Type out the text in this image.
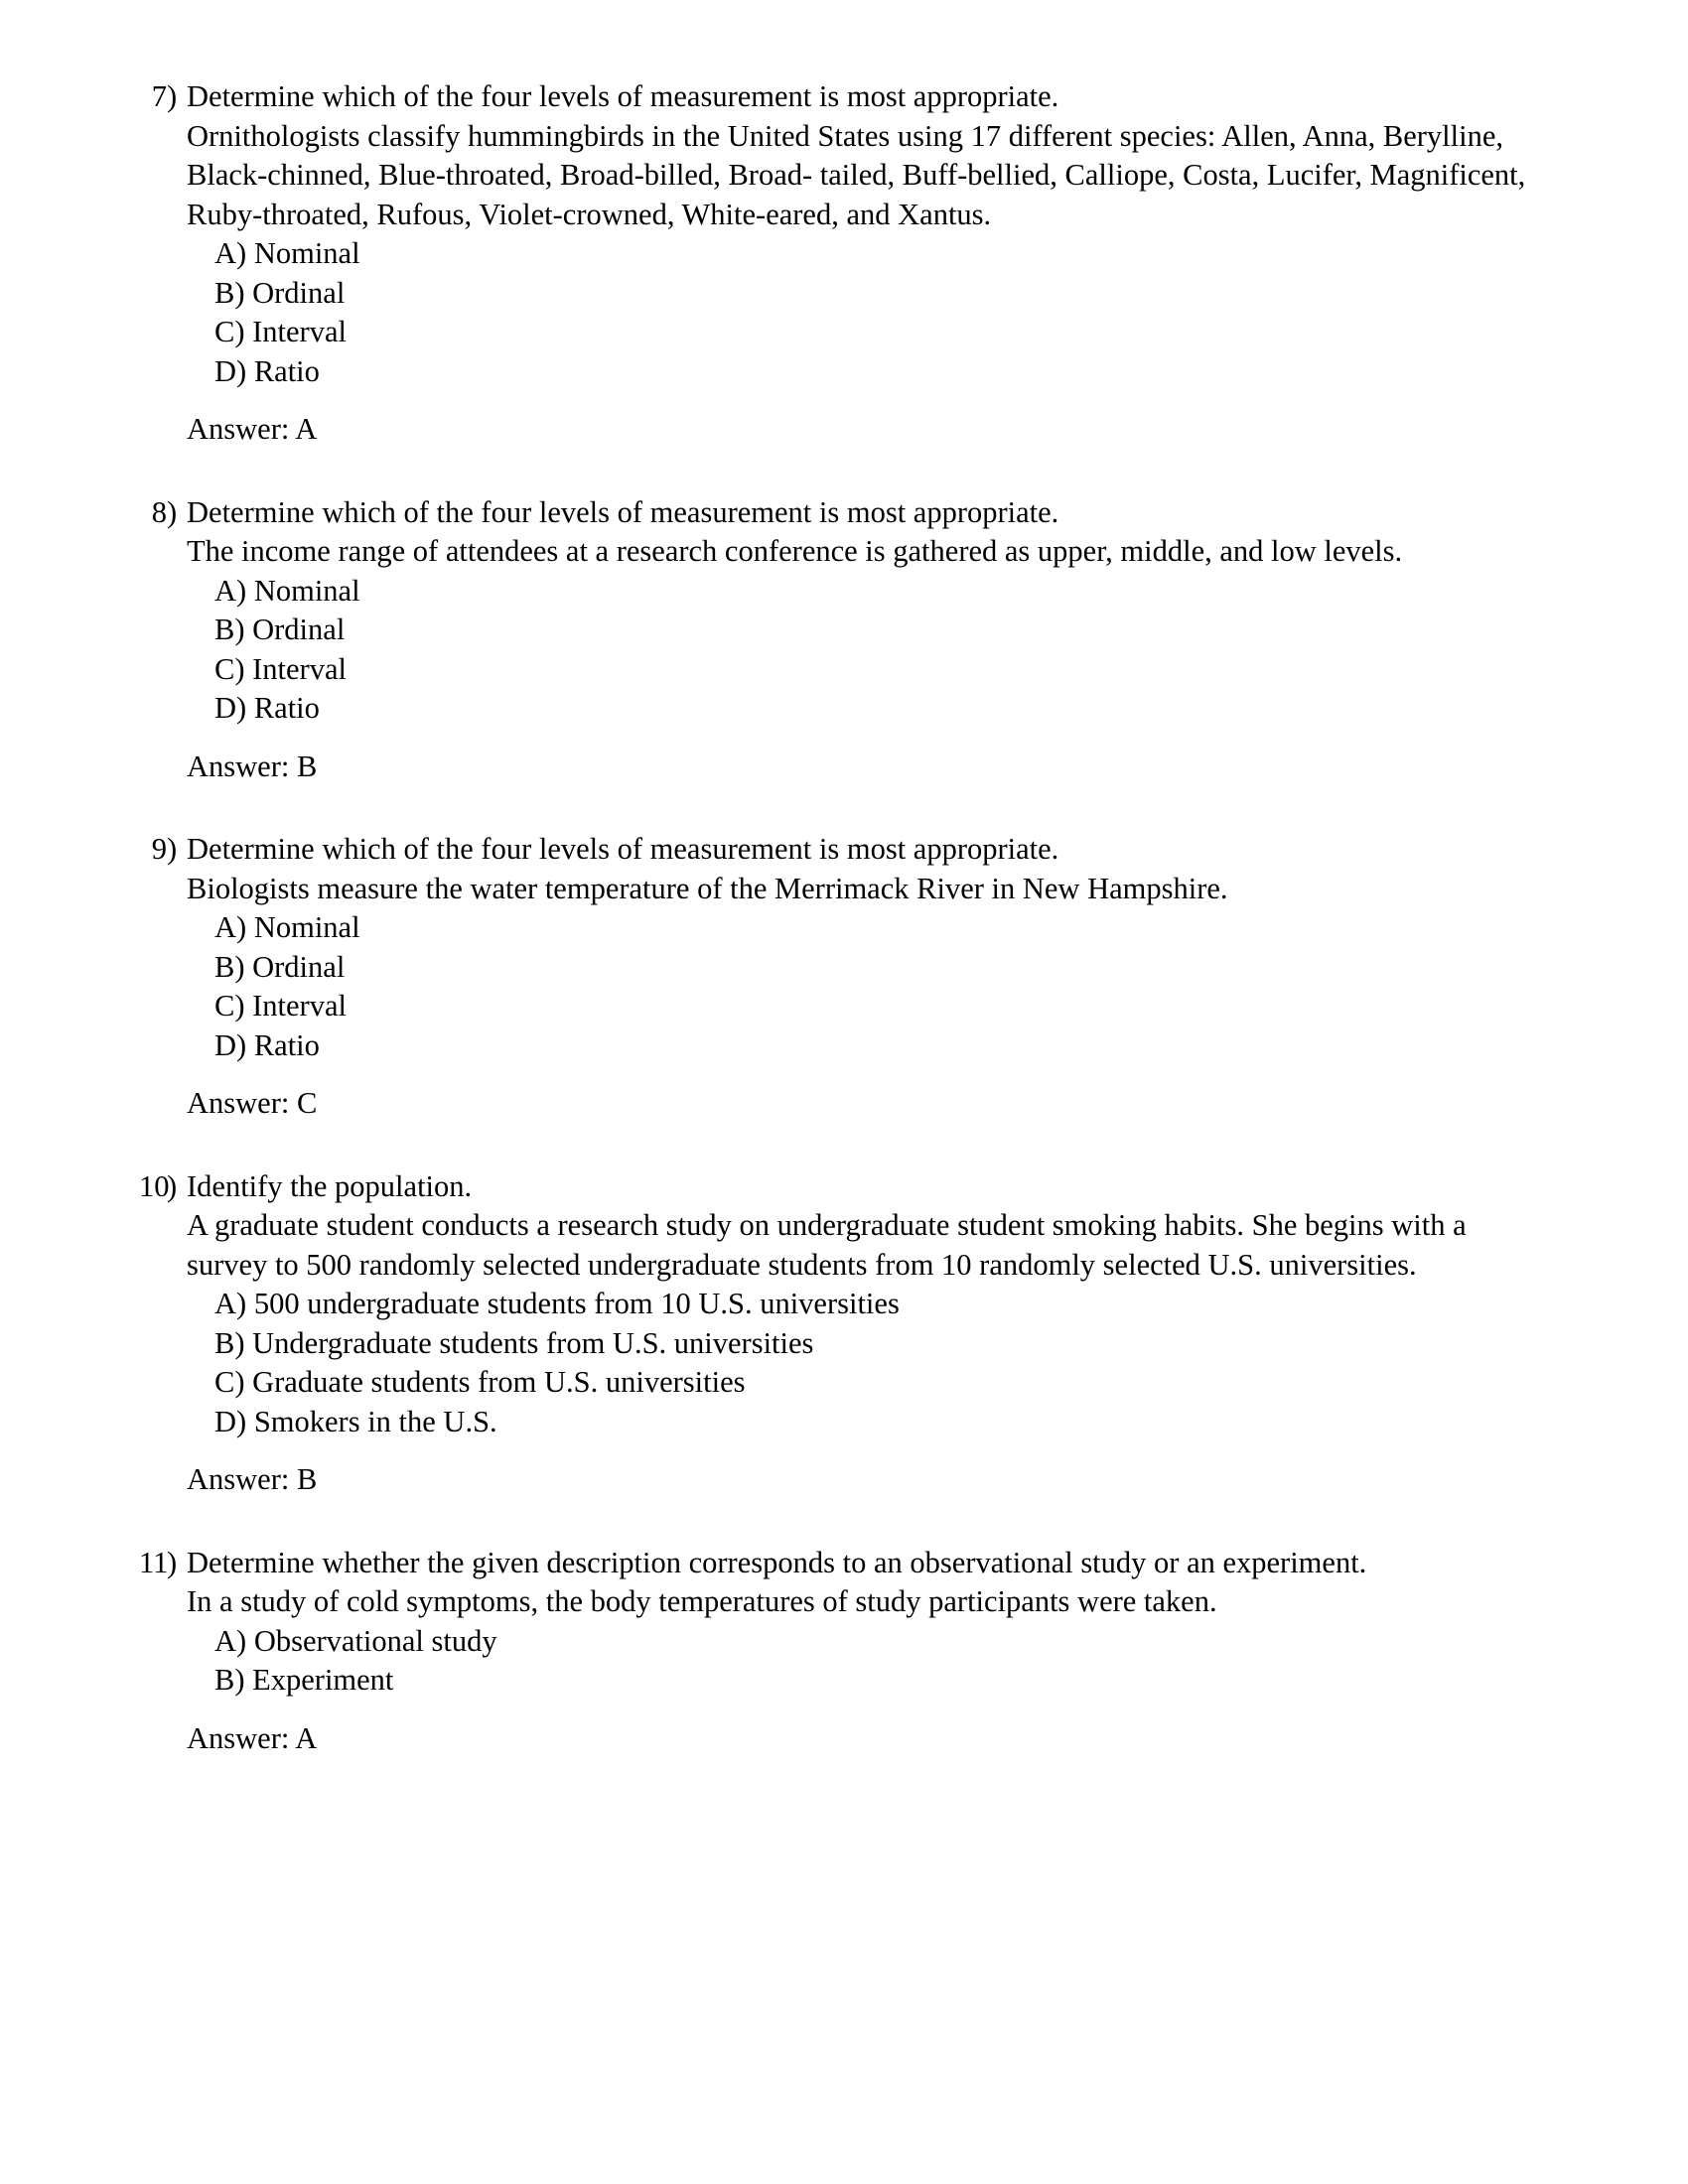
7 ) Determine which of the four levels of measurement is most appropriate.
Ornithologists classify hummingbirds in the United States using 17 different species: Allen, Anna, Berylline, Black-chinned, Blue-throated, Broad-billed, Broad- tailed, Buff-bellied, Calliope, Costa, Lucifer, Magnificent, Ruby-throated, Rufous, Violet-crowned, White-eared, and Xantus.
A) Nominal
B) Ordinal
C) Interval
D) Ratio
Answer: A
8 ) Determine which of the four levels of measurement is most appropriate.
The income range of attendees at a research conference is gathered as upper, middle, and low levels.
A) Nominal
B) Ordinal
C) Interval
D) Ratio
Answer: B
9 ) Determine which of the four levels of measurement is most appropriate.
Biologists measure the water temperature of the Merrimack River in New Hampshire.
A) Nominal
B) Ordinal
C) Interval
D) Ratio
Answer: C
10
) Identify the population.
A graduate student conducts a research study on undergraduate student smoking habits. She begins with a survey to 500 randomly selected undergraduate students from 10 randomly selected U.S. universities.
A) 500 undergraduate students from 10 U.S. universities
B) Undergraduate students from U.S. universities
C) Graduate students from U.S. universities
D) Smokers in the U.S.
Answer: B
11
) Determine whether the given description corresponds to an observational study or an experiment.
In a study of cold symptoms, the body temperatures of study participants were taken.
A) Observational study
B) Experiment
Answer: A
